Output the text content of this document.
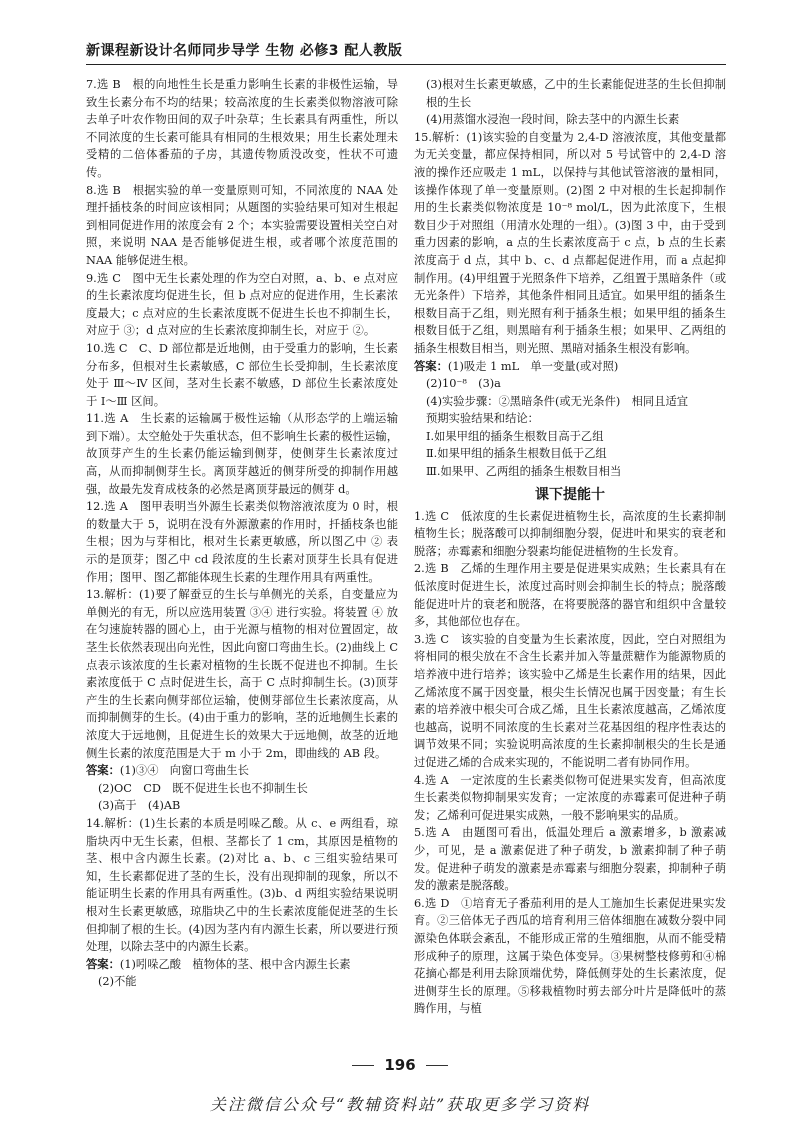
新课程新设计名师同步导学 生物 必修3 配人教版

7.选 B　根的向地性生长是重力影响生长素的非极性运输，导致生长素分布不均的结果；较高浓度的生长素类似物溶液可除去单子叶农作物田间的双子叶杂草；生长素具有两重性，所以不同浓度的生长素可能具有相同的生根效果；用生长素处理未受精的二倍体番茄的子房，其遗传物质没改变，性状不可遗传。

8.选 B　根据实验的单一变量原则可知，不同浓度的 NAA 处理扦插枝条的时间应该相同；从题图的实验结果可知对生根起到相同促进作用的浓度会有 2 个；本实验需要设置相关空白对照，来说明 NAA 是否能够促进生根，或者哪个浓度范围的 NAA 能够促进生根。

9.选 C　图中无生长素处理的作为空白对照，a、b、e 点对应的生长素浓度均促进生长，但 b 点对应的促进作用，生长素浓度最大；c 点对应的生长素浓度既不促进生长也不抑制生长，对应于 ③；d 点对应的生长素浓度抑制生长，对应于 ②。

10.选 C　C、D 部位都是近地侧，由于受重力的影响，生长素分布多，但根对生长素敏感，C 部位生长受抑制，生长素浓度处于 Ⅲ～Ⅳ 区间，茎对生长素不敏感，D 部位生长素浓度处于 Ⅰ～Ⅲ 区间。

11.选 A　生长素的运输属于极性运输（从形态学的上端运输到下端）。太空舱处于失重状态，但不影响生长素的极性运输，故顶芽产生的生长素仍能运输到侧芽，使侧芽生长素浓度过高，从而抑制侧芽生长。离顶芽越近的侧芽所受的抑制作用越强，故最先发育成枝条的必然是离顶芽最远的侧芽 d。

12.选 A　图甲表明当外源生长素类似物溶液浓度为 0 时，根的数量大于 5，说明在没有外源激素的作用时，扦插枝条也能生根；因为与芽相比，根对生长素更敏感，所以图乙中 ② 表示的是顶芽；图乙中 cd 段浓度的生长素对顶芽生长具有促进作用；图甲、图乙都能体现生长素的生理作用具有两重性。

13.解析：(1)要了解蚕豆的生长与单侧光的关系，自变量应为单侧光的有无，所以应选用装置 ③④ 进行实验。将装置 ④ 放在匀速旋转器的圆心上，由于光源与植物的相对位置固定，故茎生长依然表现出向光性，因此向窗口弯曲生长。(2)曲线上 C 点表示该浓度的生长素对植物的生长既不促进也不抑制。生长素浓度低于 C 点时促进生长，高于 C 点时抑制生长。(3)顶芽产生的生长素向侧芽部位运输，使侧芽部位生长素浓度高，从而抑制侧芽的生长。(4)由于重力的影响，茎的近地侧生长素的浓度大于远地侧，且促进生长的效果大于远地侧，故茎的近地侧生长素的浓度范围是大于 m 小于 2m，即曲线的 AB 段。

答案：(1)③④　向窗口弯曲生长

(2)OC　CD　既不促进生长也不抑制生长

(3)高于　(4)AB

14.解析：(1)生长素的本质是吲哚乙酸。从 c、e 两组看，琼脂块丙中无生长素，但根、茎都长了 1 cm，其原因是植物的茎、根中含内源生长素。(2)对比 a、b、c 三组实验结果可知，生长素都促进了茎的生长，没有出现抑制的现象，所以不能证明生长素的作用具有两重性。(3)b、d 两组实验结果说明根对生长素更敏感，琼脂块乙中的生长素浓度能促进茎的生长但抑制了根的生长。(4)因为茎内有内源生长素，所以要进行预处理，以除去茎中的内源生长素。

答案：(1)吲哚乙酸　植物体的茎、根中含内源生长素

(2)不能

(3)根对生长素更敏感，乙中的生长素能促进茎的生长但抑制根的生长

(4)用蒸馏水浸泡一段时间，除去茎中的内源生长素

15.解析：(1)该实验的自变量为 2,4-D 溶液浓度，其他变量都为无关变量，都应保持相同，所以对 5 号试管中的 2,4-D 溶液的操作还应吸走 1 mL，以保持与其他试管溶液的量相同，该操作体现了单一变量原则。(2)图 2 中对根的生长起抑制作用的生长素类似物浓度是 10⁻⁸ mol/L，因为此浓度下，生根数目少于对照组（用清水处理的一组）。(3)图 3 中，由于受到重力因素的影响，a 点的生长素浓度高于 c 点，b 点的生长素浓度高于 d 点，其中 b、c、d 点都起促进作用，而 a 点起抑制作用。(4)甲组置于光照条件下培养，乙组置于黑暗条件（或无光条件）下培养，其他条件相同且适宜。如果甲组的插条生根数目高于乙组，则光照有利于插条生根；如果甲组的插条生根数目低于乙组，则黑暗有利于插条生根；如果甲、乙两组的插条生根数目相当，则光照、黑暗对插条生根没有影响。

答案：(1)吸走 1 mL　单一变量(或对照)

(2)10⁻⁸　(3)a

(4)实验步骤：②黑暗条件(或无光条件)　相同且适宜

预期实验结果和结论：

Ⅰ.如果甲组的插条生根数目高于乙组

Ⅱ.如果甲组的插条生根数目低于乙组

Ⅲ.如果甲、乙两组的插条生根数目相当

课下提能十

1.选 C　低浓度的生长素促进植物生长，高浓度的生长素抑制植物生长；脱落酸可以抑制细胞分裂，促进叶和果实的衰老和脱落；赤霉素和细胞分裂素均能促进植物的生长发育。

2.选 B　乙烯的生理作用主要是促进果实成熟；生长素具有在低浓度时促进生长，浓度过高时则会抑制生长的特点；脱落酸能促进叶片的衰老和脱落，在将要脱落的器官和组织中含量较多，其他部位也存在。

3.选 C　该实验的自变量为生长素浓度，因此，空白对照组为将相同的根尖放在不含生长素并加入等量蔗糖作为能源物质的培养液中进行培养；该实验中乙烯是生长素作用的结果，因此乙烯浓度不属于因变量，根尖生长情况也属于因变量；有生长素的培养液中根尖可合成乙烯，且生长素浓度越高，乙烯浓度也越高，说明不同浓度的生长素对兰花基因组的程序性表达的调节效果不同；实验说明高浓度的生长素抑制根尖的生长是通过促进乙烯的合成来实现的，不能说明二者有协同作用。

4.选 A　一定浓度的生长素类似物可促进果实发育，但高浓度生长素类似物抑制果实发育；一定浓度的赤霉素可促进种子萌发；乙烯利可促进果实成熟，一般不影响果实的品质。

5.选 A　由题图可看出，低温处理后 a 激素增多，b 激素减少，可见，是 a 激素促进了种子萌发，b 激素抑制了种子萌发。促进种子萌发的激素是赤霉素与细胞分裂素，抑制种子萌发的激素是脱落酸。

6.选 D　①培育无子番茄利用的是人工施加生长素促进果实发育。②三倍体无子西瓜的培育利用三倍体细胞在减数分裂中同源染色体联会紊乱，不能形成正常的生殖细胞，从而不能受精形成种子的原理，这属于染色体变异。③果树整枝修剪和④棉花摘心都是利用去除顶端优势，降低侧芽处的生长素浓度，促进侧芽生长的原理。⑤移栽植物时剪去部分叶片是降低叶的蒸腾作用，与植

196
关注微信公众号“教辅资料站”获取更多学习资料
